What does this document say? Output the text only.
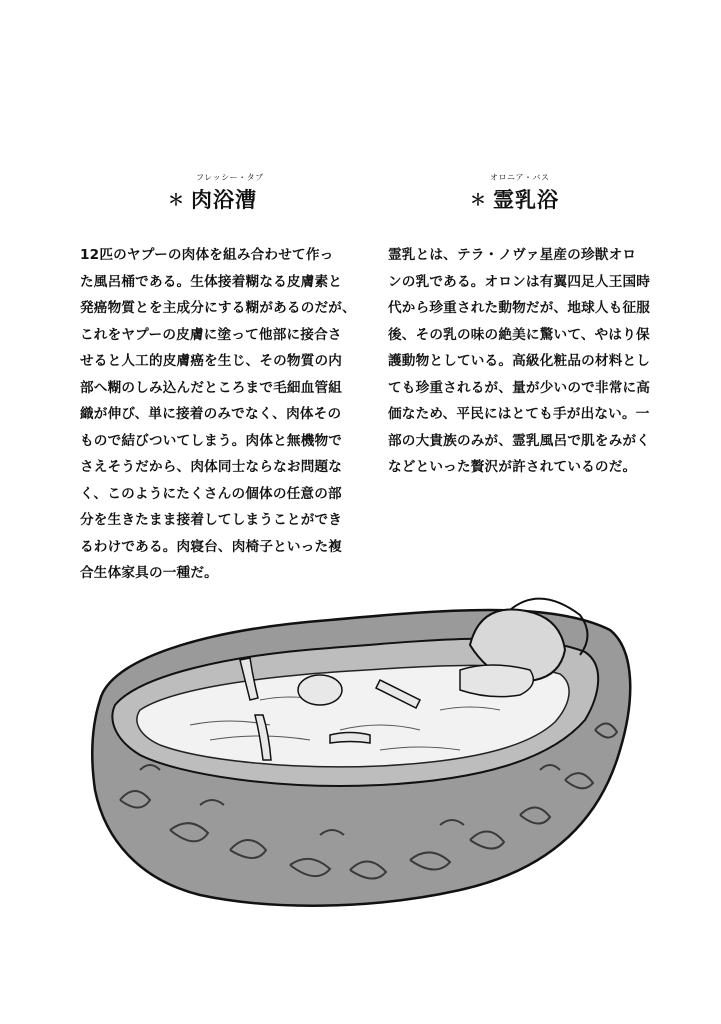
フレッシー・タブ
＊ 肉浴漕
12匹のヤプーの肉体を組み合わせて作っ
た風呂桶である。生体接着糊なる皮膚素と
発癌物質とを主成分にする糊があるのだが、
これをヤプーの皮膚に塗って他部に接合さ
せると人工的皮膚癌を生じ、その物質の内
部へ糊のしみ込んだところまで毛細血管組
織が伸び、単に接着のみでなく、肉体その
もので結びついてしまう。肉体と無機物で
さえそうだから、肉体同士ならなお問題な
く、このようにたくさんの個体の任意の部
分を生きたまま接着してしまうことができ
るわけである。肉寝台、肉椅子といった複
合生体家具の一種だ。
オロニア・バス
＊ 霊乳浴
霊乳とは、テラ・ノヴァ星産の珍獣オロ
ンの乳である。オロンは有翼四足人王国時
代から珍重された動物だが、地球人も征服
後、その乳の味の絶美に驚いて、やはり保
護動物としている。高級化粧品の材料とし
ても珍重されるが、量が少いので非常に高
価なため、平民にはとても手が出ない。一
部の大貴族のみが、霊乳風呂で肌をみがく
などといった贅沢が許されているのだ。
